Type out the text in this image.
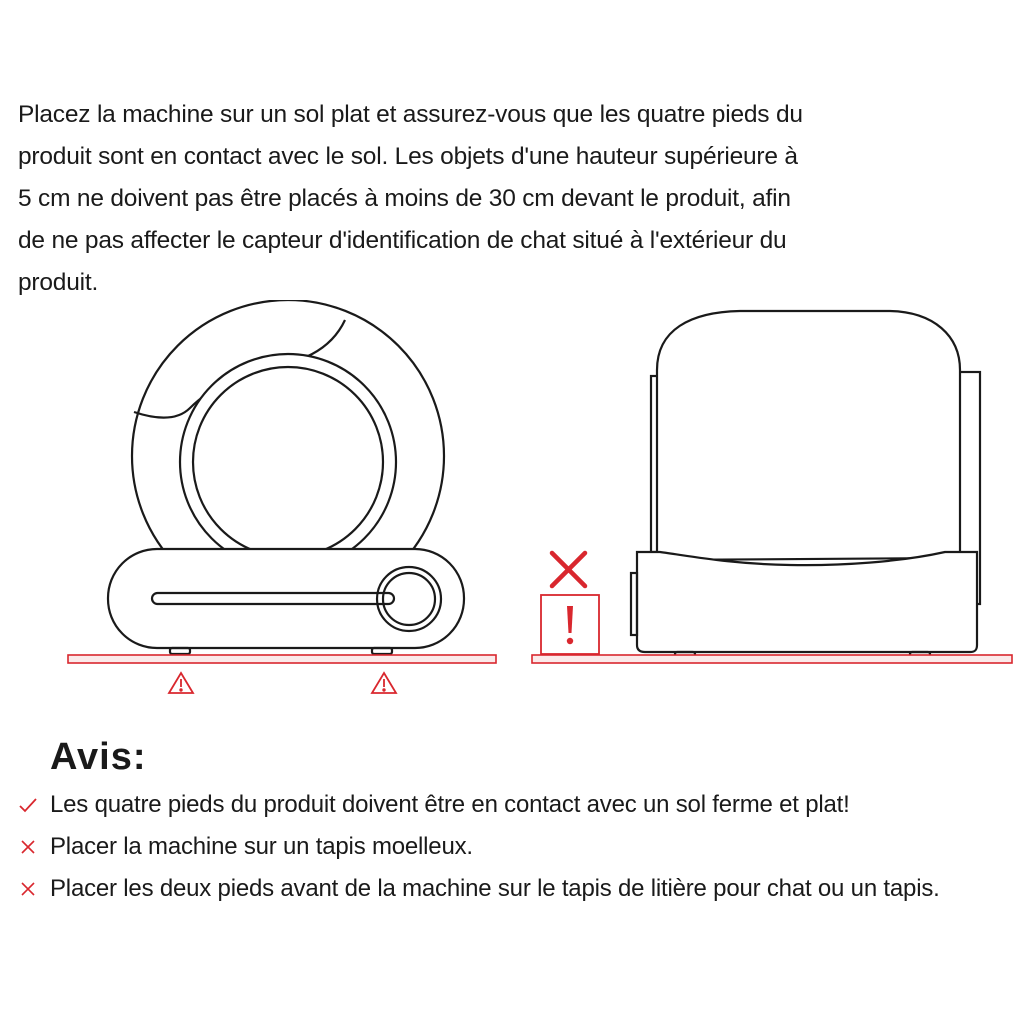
Placez la machine sur un sol plat et assurez-vous que les quatre pieds du
produit sont en contact avec le sol. Les objets d'une hauteur supérieure à
5 cm ne doivent pas être placés à moins de 30 cm devant le produit, afin
de ne pas affecter le capteur d'identification de chat situé à l'extérieur du
produit.
Avis:
Les quatre pieds du produit doivent être en contact avec un sol ferme et plat!
Placer la machine sur un tapis moelleux.
Placer les deux pieds avant de la machine sur le tapis de litière pour chat ou un tapis.
